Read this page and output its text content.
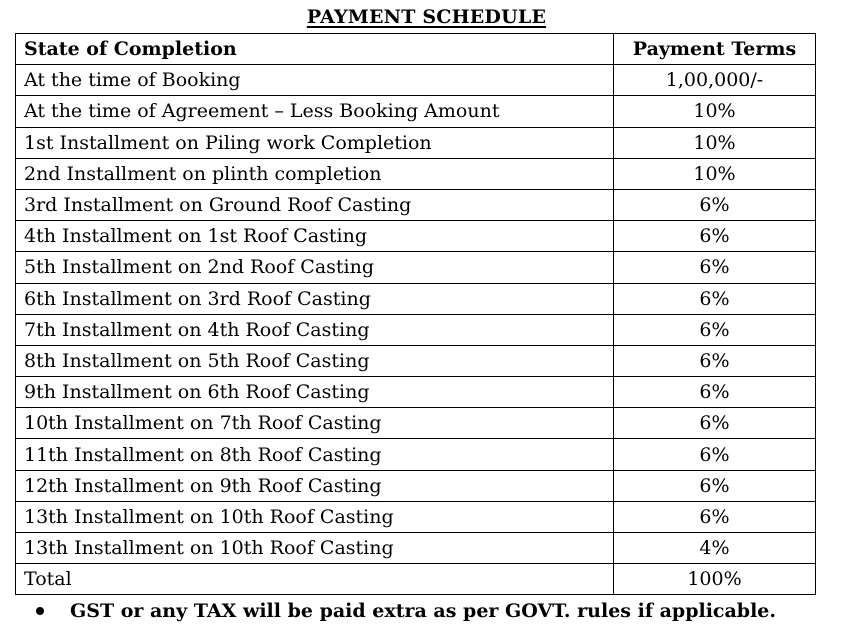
PAYMENT SCHEDULE
State of Completion	Payment Terms
At the time of Booking	1,00,000/-
At the time of Agreement – Less Booking Amount	10%
1st Installment on Piling work Completion	10%
2nd Installment on plinth completion	10%
3rd Installment on Ground Roof Casting	6%
4th Installment on 1st Roof Casting	6%
5th Installment on 2nd Roof Casting	6%
6th Installment on 3rd Roof Casting	6%
7th Installment on 4th Roof Casting	6%
8th Installment on 5th Roof Casting	6%
9th Installment on 6th Roof Casting	6%
10th Installment on 7th Roof Casting	6%
11th Installment on 8th Roof Casting	6%
12th Installment on 9th Roof Casting	6%
13th Installment on 10th Roof Casting	6%
13th Installment on 10th Roof Casting	4%
Total	100%
GST or any TAX will be paid extra as per GOVT. rules if applicable.
